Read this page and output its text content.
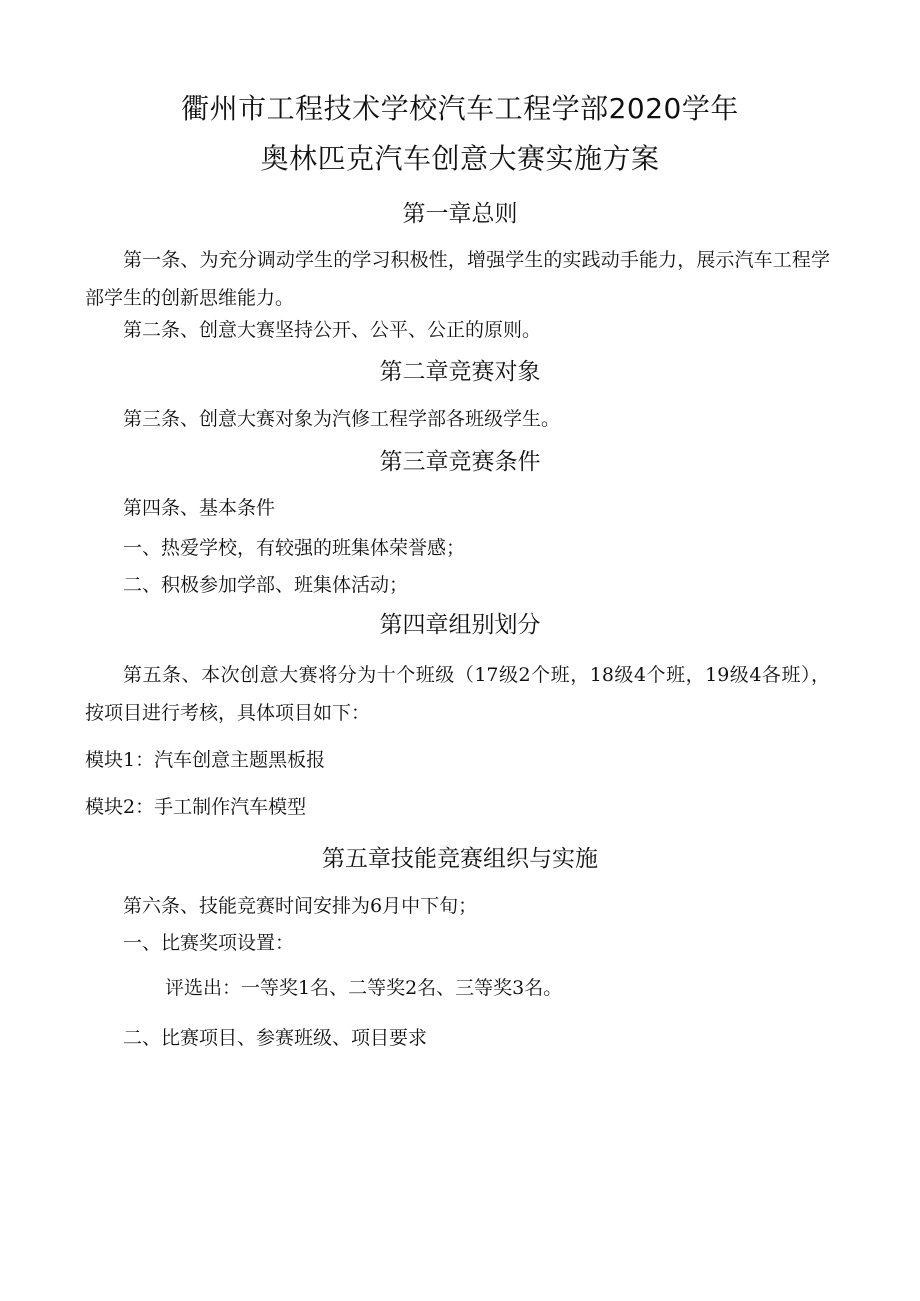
衢州市工程技术学校汽车工程学部2020学年
奥林匹克汽车创意大赛实施方案
第一章总则
第一条、为充分调动学生的学习积极性，增强学生的实践动手能力，展示汽车工程学部学生的创新思维能力。
第二条、创意大赛坚持公开、公平、公正的原则。
第二章竞赛对象
第三条、创意大赛对象为汽修工程学部各班级学生。
第三章竞赛条件
第四条、基本条件
一、热爱学校，有较强的班集体荣誉感；
二、积极参加学部、班集体活动；
第四章组别划分
第五条、本次创意大赛将分为十个班级（17级2个班，18级4个班，19级4各班），按项目进行考核，具体项目如下：
模块1：汽车创意主题黑板报
模块2：手工制作汽车模型
第五章技能竞赛组织与实施
第六条、技能竞赛时间安排为6月中下旬；
一、比赛奖项设置：
评选出：一等奖1名、二等奖2名、三等奖3名。
二、比赛项目、参赛班级、项目要求
